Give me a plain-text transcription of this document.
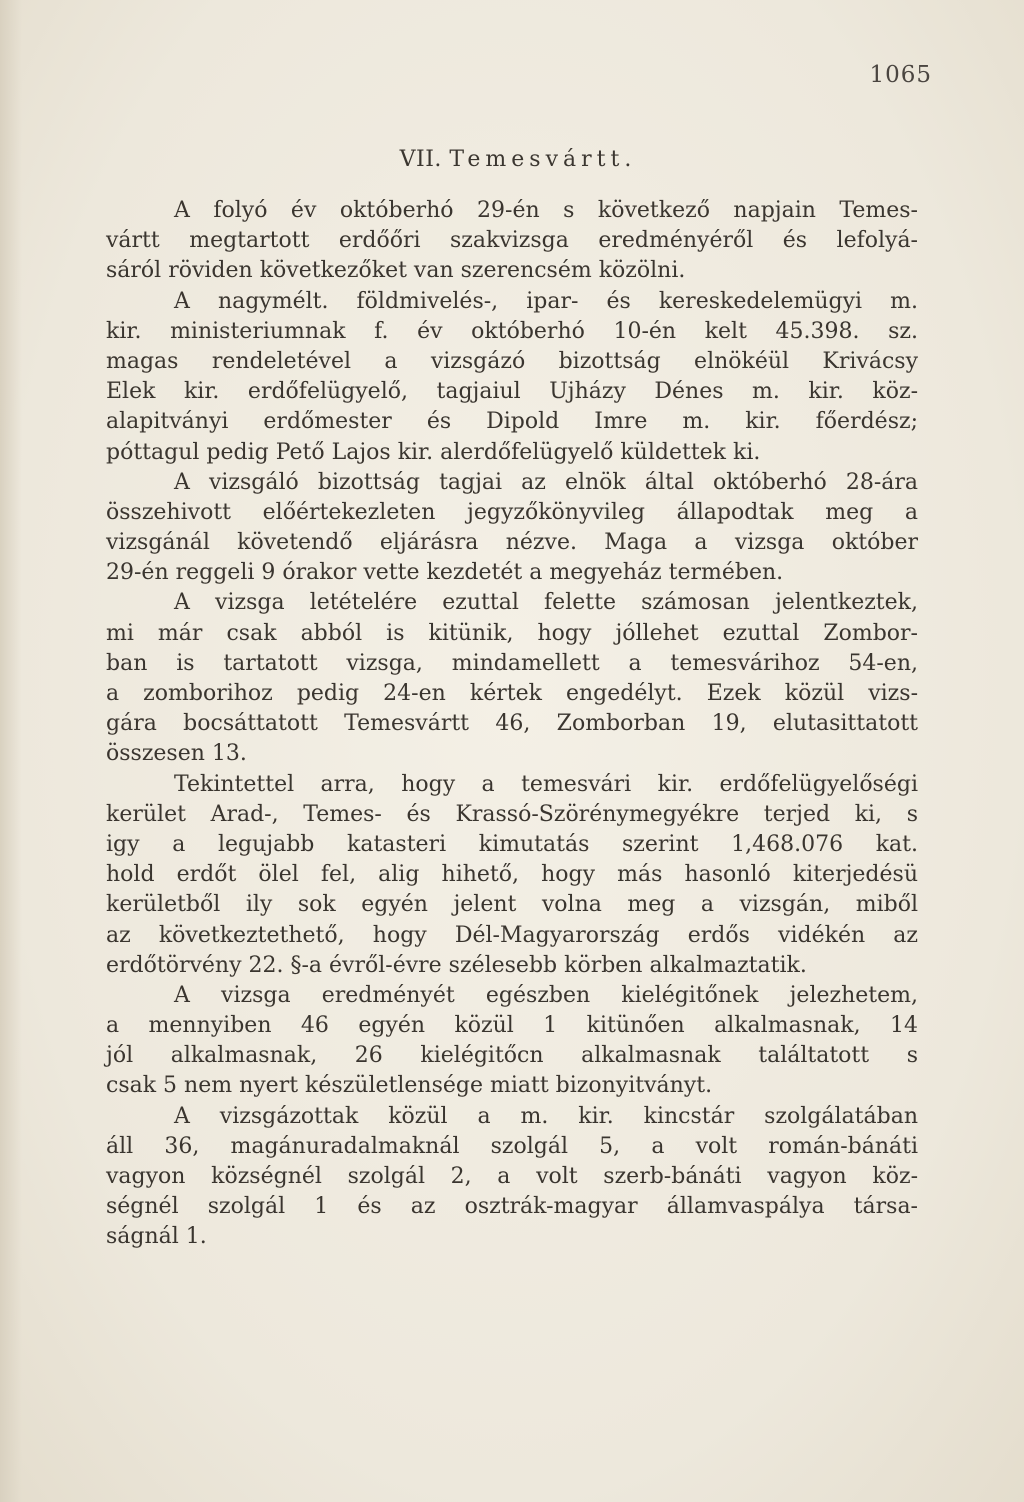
1065
VII. Temesvártt.
A folyó év októberhó 29-én s következő napjain Temes-
vártt megtartott erdőőri szakvizsga eredményéről és lefolyá-
sáról röviden következőket van szerencsém közölni.
A nagymélt. földmivelés-, ipar- és kereskedelemügyi m.
kir. ministeriumnak f. év októberhó 10-én kelt 45.398. sz.
magas rendeletével a vizsgázó bizottság elnökéül Krivácsy
Elek kir. erdőfelügyelő, tagjaiul Ujházy Dénes m. kir. köz-
alapitványi erdőmester és Dipold Imre m. kir. főerdész;
póttagul pedig Pető Lajos kir. alerdőfelügyelő küldettek ki.
A vizsgáló bizottság tagjai az elnök által októberhó 28-ára
összehivott előértekezleten jegyzőkönyvileg állapodtak meg a
vizsgánál követendő eljárásra nézve. Maga a vizsga október
29-én reggeli 9 órakor vette kezdetét a megyeház termében.
A vizsga letételére ezuttal felette számosan jelentkeztek,
mi már csak abból is kitünik, hogy jóllehet ezuttal Zombor-
ban is tartatott vizsga, mindamellett a temesvárihoz 54-en,
a zomborihoz pedig 24-en kértek engedélyt. Ezek közül vizs-
gára bocsáttatott Temesvártt 46, Zomborban 19, elutasittatott
összesen 13.
Tekintettel arra, hogy a temesvári kir. erdőfelügyelőségi
kerület Arad-, Temes- és Krassó-Szörénymegyékre terjed ki, s
igy a legujabb katasteri kimutatás szerint 1,468.076 kat.
hold erdőt ölel fel, alig hihető, hogy más hasonló kiterjedésü
kerületből ily sok egyén jelent volna meg a vizsgán, miből
az következtethető, hogy Dél-Magyarország erdős vidékén az
erdőtörvény 22. §-a évről-évre szélesebb körben alkalmaztatik.
A vizsga eredményét egészben kielégitőnek jelezhetem,
a mennyiben 46 egyén közül 1 kitünően alkalmasnak, 14
jól alkalmasnak, 26 kielégitőcn alkalmasnak találtatott s
csak 5 nem nyert készületlensége miatt bizonyitványt.
A vizsgázottak közül a m. kir. kincstár szolgálatában
áll 36, magánuradalmaknál szolgál 5, a volt román-bánáti
vagyon községnél szolgál 2, a volt szerb-bánáti vagyon köz-
ségnél szolgál 1 és az osztrák-magyar államvaspálya társa-
ságnál 1.
